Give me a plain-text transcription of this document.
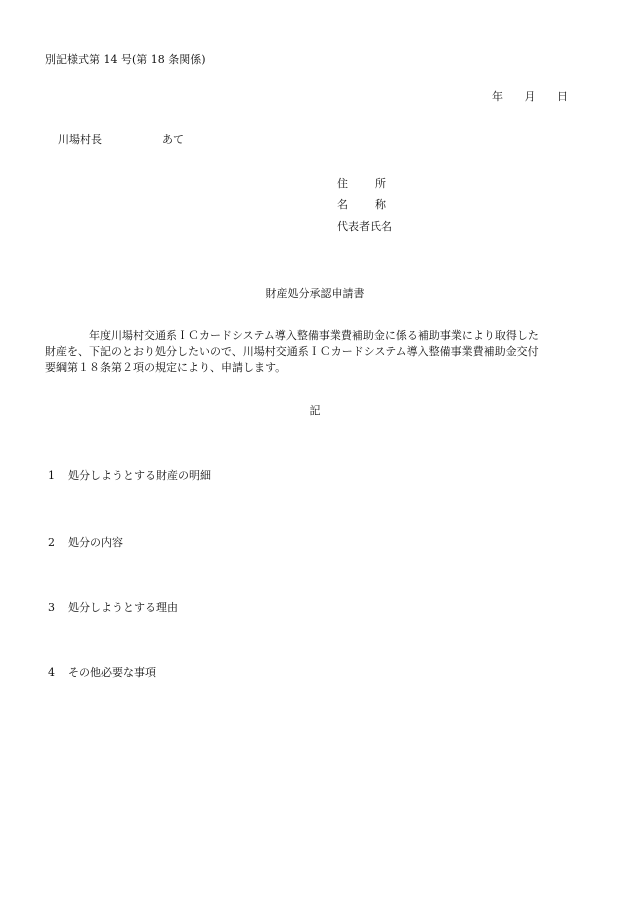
別記様式第 14 号(第 18 条関係)
年 月 日
川場村長	あて
住 所
名 称
代表者氏名
財産処分承認申請書
年度川場村交通系ＩＣカードシステム導入整備事業費補助金に係る補助事業により取得した
財産を、下記のとおり処分したいので、川場村交通系ＩＣカードシステム導入整備事業費補助金交付
要綱第１８条第２項の規定により、申請します。
記
1 処分しようとする財産の明細
2 処分の内容
3 処分しようとする理由
4 その他必要な事項
